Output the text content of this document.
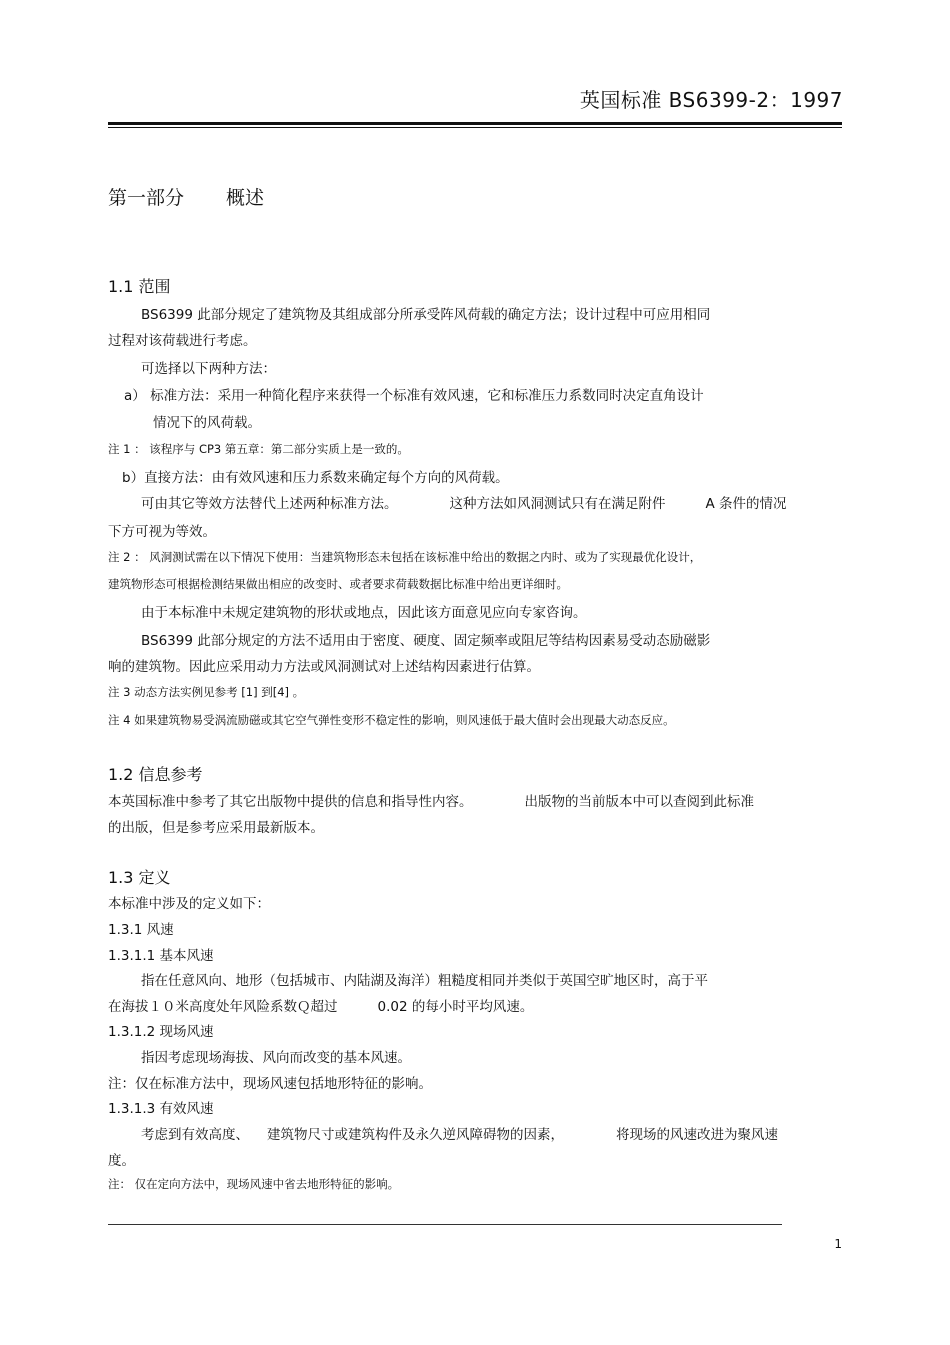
英国标准 BS6399-2：1997
第一部分 概述
1.1 范围
BS6399 此部分规定了建筑物及其组成部分所承受阵风荷载的确定方法；设计过程中可应用相同
过程对该荷载进行考虑。
可选择以下两种方法：
a） 标准方法：采用一种简化程序来获得一个标准有效风速，它和标准压力系数同时决定直角设计
情况下的风荷载。
注 1 ： 该程序与 CP3 第五章：第二部分实质上是一致的。
b）直接方法：由有效风速和压力系数来确定每个方向的风荷载。
可由其它等效方法替代上述两种标准方法。	这种方法如风洞测试只有在满足附件	A 条件的情况
下方可视为等效。
注 2 ： 风洞测试需在以下情况下使用：当建筑物形态未包括在该标准中给出的数据之内时、或为了实现最优化设计，
建筑物形态可根据检测结果做出相应的改变时、或者要求荷载数据比标准中给出更详细时。
由于本标准中未规定建筑物的形状或地点，因此该方面意见应向专家咨询。
BS6399 此部分规定的方法不适用由于密度、硬度、固定频率或阻尼等结构因素易受动态励磁影
响的建筑物。因此应采用动力方法或风洞测试对上述结构因素进行估算。
注 3 动态方法实例见参考 [1] 到[4] 。
注 4 如果建筑物易受涡流励磁或其它空气弹性变形不稳定性的影响，则风速低于最大值时会出现最大动态反应。
1.2 信息参考
本英国标准中参考了其它出版物中提供的信息和指导性内容。	出版物的当前版本中可以查阅到此标准
的出版，但是参考应采用最新版本。
1.3 定义
本标准中涉及的定义如下：
1.3.1 风速
1.3.1.1 基本风速
指在任意风向、地形（包括城市、内陆湖及海洋）粗糙度相同并类似于英国空旷地区时，高于平
在海拔１０米高度处年风险系数Ｑ超过	0.02 的每小时平均风速。
1.3.1.2 现场风速
指因考虑现场海拔、风向而改变的基本风速。
注：仅在标准方法中，现场风速包括地形特征的影响。
1.3.1.3 有效风速
考虑到有效高度、 建筑物尺寸或建筑构件及永久逆风障碍物的因素，	将现场的风速改进为聚风速
度。
注： 仅在定向方法中，现场风速中省去地形特征的影响。
1
